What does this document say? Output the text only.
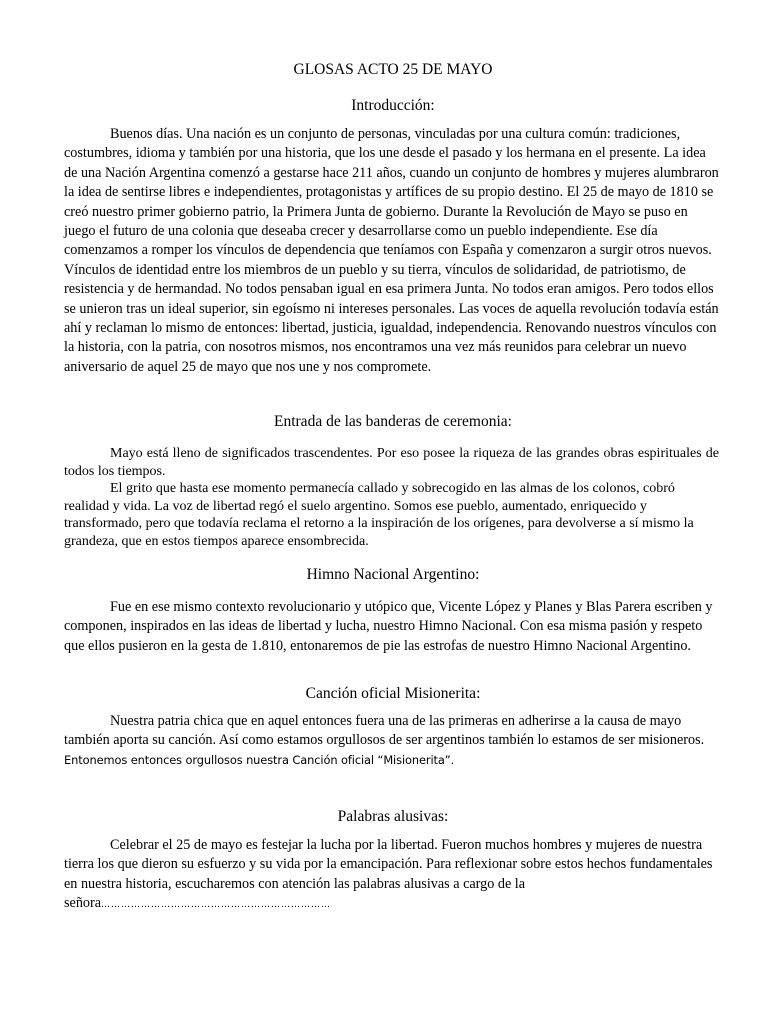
GLOSAS ACTO 25 DE MAYO
Introducción:

Buenos días. Una nación es un conjunto de personas, vinculadas por una cultura común: tradiciones, costumbres, idioma y también por una historia, que los une desde el pasado y los hermana en el presente. La idea de una Nación Argentina comenzó a gestarse hace 211 años, cuando un conjunto de hombres y mujeres alumbraron la idea de sentirse libres e independientes, protagonistas y artífices de su propio destino. El 25 de mayo de 1810 se creó nuestro primer gobierno patrio, la Primera Junta de gobierno. Durante la Revolución de Mayo se puso en juego el futuro de una colonia que deseaba crecer y desarrollarse como un pueblo independiente. Ese día comenzamos a romper los vínculos de dependencia que teníamos con España y comenzaron a surgir otros nuevos. Vínculos de identidad entre los miembros de un pueblo y su tierra, vínculos de solidaridad, de patriotismo, de resistencia y de hermandad. No todos pensaban igual en esa primera Junta. No todos eran amigos. Pero todos ellos se unieron tras un ideal superior, sin egoísmo ni intereses personales. Las voces de aquella revolución todavía están ahí y reclaman lo mismo de entonces: libertad, justicia, igualdad, independencia. Renovando nuestros vínculos con la historia, con la patria, con nosotros mismos, nos encontramos una vez más reunidos para celebrar un nuevo aniversario de aquel 25 de mayo que nos une y nos compromete.

Entrada de las banderas de ceremonia:

Mayo está lleno de significados trascendentes. Por eso posee la riqueza de las grandes obras espirituales de todos los tiempos.

El grito que hasta ese momento permanecía callado y sobrecogido en las almas de los colonos, cobró realidad y vida. La voz de libertad regó el suelo argentino. Somos ese pueblo, aumentado, enriquecido y transformado, pero que todavía reclama el retorno a la inspiración de los orígenes, para devolverse a sí mismo la grandeza, que en estos tiempos aparece ensombrecida.

Himno Nacional Argentino:

Fue en ese mismo contexto revolucionario y utópico que, Vicente López y Planes y Blas Parera escriben y componen, inspirados en las ideas de libertad y lucha, nuestro Himno Nacional. Con esa misma pasión y respeto que ellos pusieron en la gesta de 1.810, entonaremos de pie las estrofas de nuestro Himno Nacional Argentino.

Canción oficial Misionerita:

Nuestra patria chica que en aquel entonces fuera una de las primeras en adherirse a la causa de mayo también aporta su canción. Así como estamos orgullosos de ser argentinos también lo estamos de ser misioneros. Entonemos entonces orgullosos nuestra Canción oficial “Misionerita”.

Palabras alusivas:

Celebrar el 25 de mayo es festejar la lucha por la libertad. Fueron muchos hombres y mujeres de nuestra tierra los que dieron su esfuerzo y su vida por la emancipación. Para reflexionar sobre estos hechos fundamentales en nuestra historia, escucharemos con atención las palabras alusivas a cargo de la señora……………………………………………………………
